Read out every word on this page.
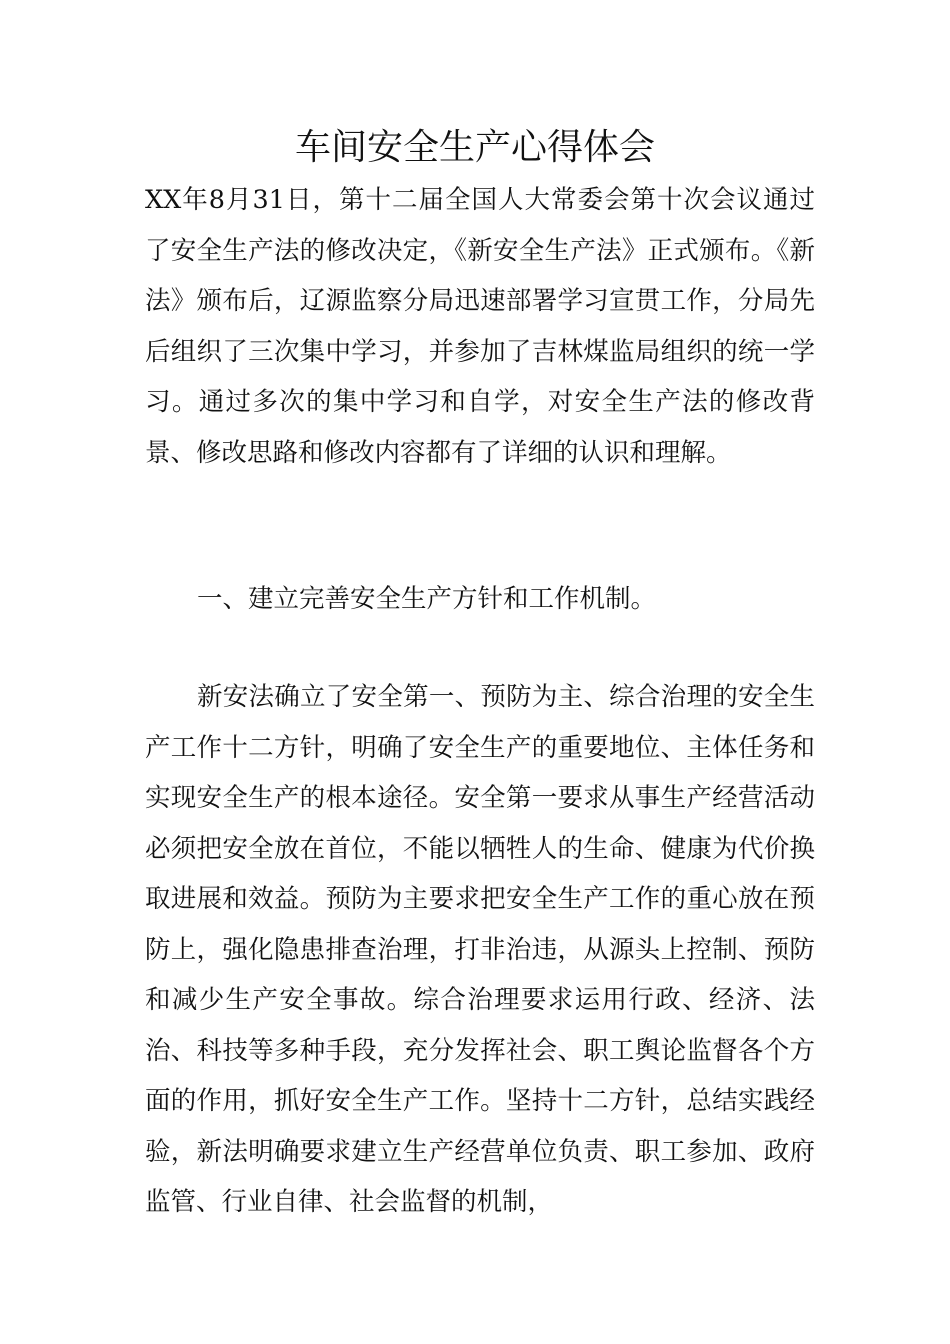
车间安全生产心得体会

XX年8月31日，第十二届全国人大常委会第十次会议通过了安全生产法的修改决定，《新安全生产法》正式颁布。《新法》颁布后，辽源监察分局迅速部署学习宣贯工作，分局先后组织了三次集中学习，并参加了吉林煤监局组织的统一学习。通过多次的集中学习和自学，对安全生产法的修改背景、修改思路和修改内容都有了详细的认识和理解。

一、建立完善安全生产方针和工作机制。

新安法确立了安全第一、预防为主、综合治理的安全生产工作十二方针，明确了安全生产的重要地位、主体任务和实现安全生产的根本途径。安全第一要求从事生产经营活动必须把安全放在首位，不能以牺牲人的生命、健康为代价换取进展和效益。预防为主要求把安全生产工作的重心放在预防上，强化隐患排查治理，打非治违，从源头上控制、预防和减少生产安全事故。综合治理要求运用行政、经济、法治、科技等多种手段，充分发挥社会、职工舆论监督各个方面的作用，抓好安全生产工作。坚持十二方针，总结实践经验，新法明确要求建立生产经营单位负责、职工参加、政府监管、行业自律、社会监督的机制，
